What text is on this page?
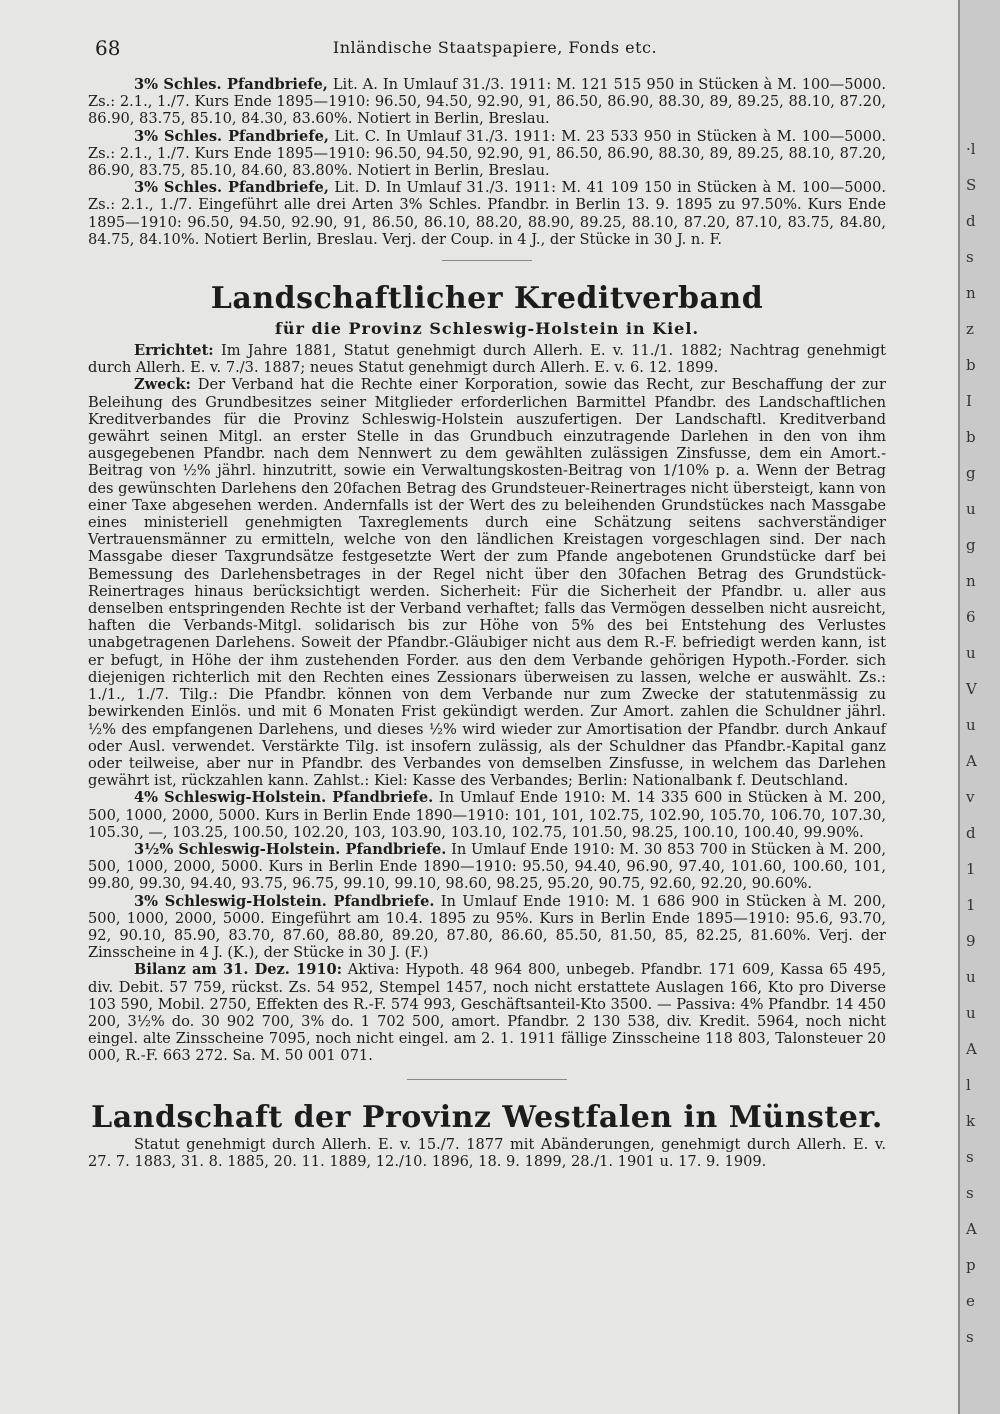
68	Inländische Staatspapiere, Fonds etc.

3% Schles. Pfandbriefe, Lit. A. In Umlauf 31./3. 1911: M. 121 515 950 in Stücken à M. 100—5000. Zs.: 2.1., 1./7. Kurs Ende 1895—1910: 96.50, 94.50, 92.90, 91, 86.50, 86.90, 88.30, 89, 89.25, 88.10, 87.20, 86.90, 83.75, 85.10, 84.30, 83.60%. Notiert in Berlin, Breslau.

3% Schles. Pfandbriefe, Lit. C. In Umlauf 31./3. 1911: M. 23 533 950 in Stücken à M. 100—5000. Zs.: 2.1., 1./7. Kurs Ende 1895—1910: 96.50, 94.50, 92.90, 91, 86.50, 86.90, 88.30, 89, 89.25, 88.10, 87.20, 86.90, 83.75, 85.10, 84.60, 83.80%. Notiert in Berlin, Breslau.

3% Schles. Pfandbriefe, Lit. D. In Umlauf 31./3. 1911: M. 41 109 150 in Stücken à M. 100—5000. Zs.: 2.1., 1./7. Eingeführt alle drei Arten 3% Schles. Pfandbr. in Berlin 13. 9. 1895 zu 97.50%. Kurs Ende 1895—1910: 96.50, 94.50, 92.90, 91, 86.50, 86.10, 88.20, 88.90, 89.25, 88.10, 87.20, 87.10, 83.75, 84.80, 84.75, 84.10%. Notiert Berlin, Breslau. Verj. der Coup. in 4 J., der Stücke in 30 J. n. F.

Landschaftlicher Kreditverband
für die Provinz Schleswig-Holstein in Kiel.

Errichtet: Im Jahre 1881, Statut genehmigt durch Allerh. E. v. 11./1. 1882; Nachtrag genehmigt durch Allerh. E. v. 7./3. 1887; neues Statut genehmigt durch Allerh. E. v. 6. 12. 1899.

Zweck: Der Verband hat die Rechte einer Korporation, sowie das Recht, zur Beschaffung der zur Beleihung des Grundbesitzes seiner Mitglieder erforderlichen Barmittel Pfandbr. des Landschaftlichen Kreditverbandes für die Provinz Schleswig-Holstein auszufertigen. Der Landschaftl. Kreditverband gewährt seinen Mitgl. an erster Stelle in das Grundbuch einzutragende Darlehen in den von ihm ausgegebenen Pfandbr. nach dem Nennwert zu dem gewählten zulässigen Zinsfusse, dem ein Amort.-Beitrag von ½% jährl. hinzutritt, sowie ein Verwaltungskosten-Beitrag von 1/10% p. a. Wenn der Betrag des gewünschten Darlehens den 20fachen Betrag des Grundsteuer-Reinertrages nicht übersteigt, kann von einer Taxe abgesehen werden. Andernfalls ist der Wert des zu beleihenden Grundstückes nach Massgabe eines ministeriell genehmigten Taxreglements durch eine Schätzung seitens sachverständiger Vertrauensmänner zu ermitteln, welche von den ländlichen Kreistagen vorgeschlagen sind. Der nach Massgabe dieser Taxgrundsätze festgesetzte Wert der zum Pfande angebotenen Grundstücke darf bei Bemessung des Darlehensbetrages in der Regel nicht über den 30fachen Betrag des Grundstück-Reinertrages hinaus berücksichtigt werden. Sicherheit: Für die Sicherheit der Pfandbr. u. aller aus denselben entspringenden Rechte ist der Verband verhaftet; falls das Vermögen desselben nicht ausreicht, haften die Verbands-Mitgl. solidarisch bis zur Höhe von 5% des bei Entstehung des Verlustes unabgetragenen Darlehens. Soweit der Pfandbr.-Gläubiger nicht aus dem R.-F. befriedigt werden kann, ist er befugt, in Höhe der ihm zustehenden Forder. aus den dem Verbande gehörigen Hypoth.-Forder. sich diejenigen richterlich mit den Rechten eines Zessionars überweisen zu lassen, welche er auswählt. Zs.: 1./1., 1./7. Tilg.: Die Pfandbr. können von dem Verbande nur zum Zwecke der statutenmässig zu bewirkenden Einlös. und mit 6 Monaten Frist gekündigt werden. Zur Amort. zahlen die Schuldner jährl. ½% des empfangenen Darlehens, und dieses ½% wird wieder zur Amortisation der Pfandbr. durch Ankauf oder Ausl. verwendet. Verstärkte Tilg. ist insofern zulässig, als der Schuldner das Pfandbr.-Kapital ganz oder teilweise, aber nur in Pfandbr. des Verbandes von demselben Zinsfusse, in welchem das Darlehen gewährt ist, rückzahlen kann. Zahlst.: Kiel: Kasse des Verbandes; Berlin: Nationalbank f. Deutschland.

4% Schleswig-Holstein. Pfandbriefe. In Umlauf Ende 1910: M. 14 335 600 in Stücken à M. 200, 500, 1000, 2000, 5000. Kurs in Berlin Ende 1890—1910: 101, 101, 102.75, 102.90, 105.70, 106.70, 107.30, 105.30, —, 103.25, 100.50, 102.20, 103, 103.90, 103.10, 102.75, 101.50, 98.25, 100.10, 100.40, 99.90%.

3½% Schleswig-Holstein. Pfandbriefe. In Umlauf Ende 1910: M. 30 853 700 in Stücken à M. 200, 500, 1000, 2000, 5000. Kurs in Berlin Ende 1890—1910: 95.50, 94.40, 96.90, 97.40, 101.60, 100.60, 101, 99.80, 99.30, 94.40, 93.75, 96.75, 99.10, 99.10, 98.60, 98.25, 95.20, 90.75, 92.60, 92.20, 90.60%.

3% Schleswig-Holstein. Pfandbriefe. In Umlauf Ende 1910: M. 1 686 900 in Stücken à M. 200, 500, 1000, 2000, 5000. Eingeführt am 10.4. 1895 zu 95%. Kurs in Berlin Ende 1895—1910: 95.6, 93.70, 92, 90.10, 85.90, 83.70, 87.60, 88.80, 89.20, 87.80, 86.60, 85.50, 81.50, 85, 82.25, 81.60%. Verj. der Zinsscheine in 4 J. (K.), der Stücke in 30 J. (F.)

Bilanz am 31. Dez. 1910: Aktiva: Hypoth. 48 964 800, unbegeb. Pfandbr. 171 609, Kassa 65 495, div. Debit. 57 759, rückst. Zs. 54 952, Stempel 1457, noch nicht erstattete Auslagen 166, Kto pro Diverse 103 590, Mobil. 2750, Effekten des R.-F. 574 993, Geschäftsanteil-Kto 3500. — Passiva: 4% Pfandbr. 14 450 200, 3½% do. 30 902 700, 3% do. 1 702 500, amort. Pfandbr. 2 130 538, div. Kredit. 5964, noch nicht eingel. alte Zinsscheine 7095, noch nicht eingel. am 2. 1. 1911 fällige Zinsscheine 118 803, Talonsteuer 20 000, R.-F. 663 272. Sa. M. 50 001 071.

Landschaft der Provinz Westfalen in Münster.

Statut genehmigt durch Allerh. E. v. 15./7. 1877 mit Abänderungen, genehmigt durch Allerh. E. v. 27. 7. 1883, 31. 8. 1885, 20. 11. 1889, 12./10. 1896, 18. 9. 1899, 28./1. 1901 u. 17. 9. 1909.

·l
S
d
s
n
z
b
I
b
g
u
g
n
6
u
V
u
A
v
d
1
1
9
u
u
A
l
k
s
s
A
p
e
s
